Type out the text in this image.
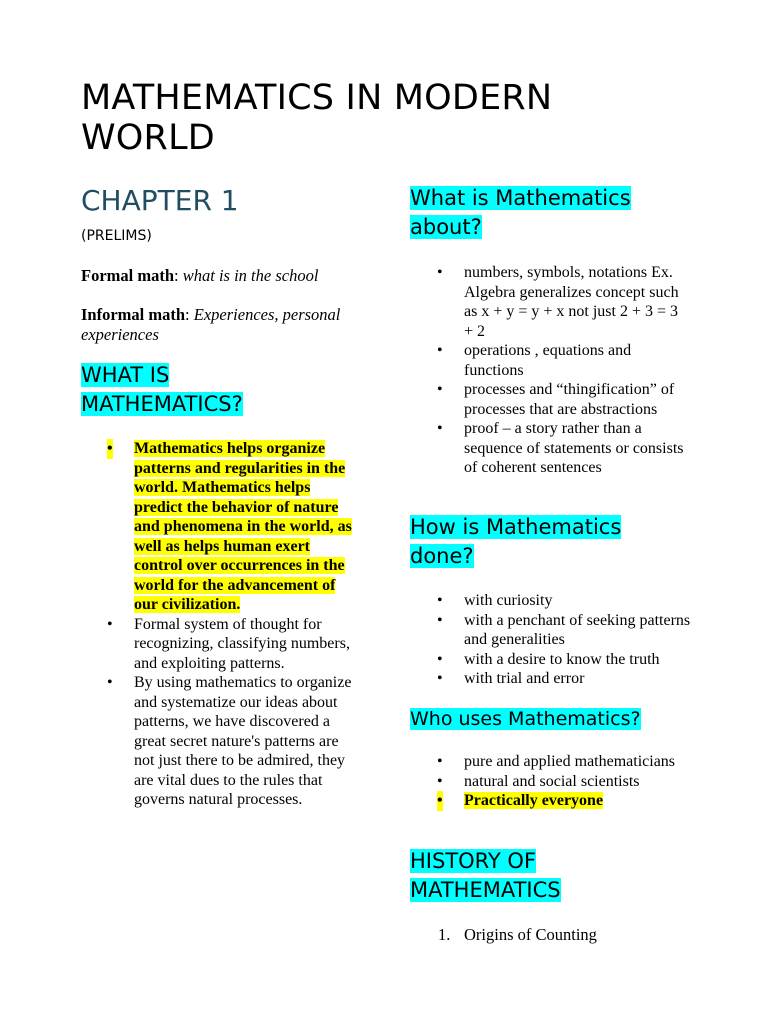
MATHEMATICS IN MODERN WORLD
CHAPTER 1

(PRELIMS)

Formal math: what is in the school

Informal math: Experiences, personal experiences

WHAT IS MATHEMATICS?
• Mathematics helps organize patterns and regularities in the world. Mathematics helps predict the behavior of nature and phenomena in the world, as well as helps human exert control over occurrences in the world for the advancement of our civilization.
• Formal system of thought for recognizing, classifying numbers, and exploiting patterns.
• By using mathematics to organize and systematize our ideas about patterns, we have discovered a great secret nature's patterns are not just there to be admired, they are vital dues to the rules that governs natural processes.
What is Mathematics about?
• numbers, symbols, notations Ex. Algebra generalizes concept such as x + y = y + x not just 2 + 3 = 3 + 2
• operations , equations and functions
• processes and “thingification” of processes that are abstractions
• proof – a story rather than a sequence of statements or consists of coherent sentences
How is Mathematics done?
• with curiosity
• with a penchant of seeking patterns and generalities
• with a desire to know the truth
• with trial and error
Who uses Mathematics?
• pure and applied mathematicians
• natural and social scientists
• Practically everyone
HISTORY OF MATHEMATICS
1. Origins of Counting
